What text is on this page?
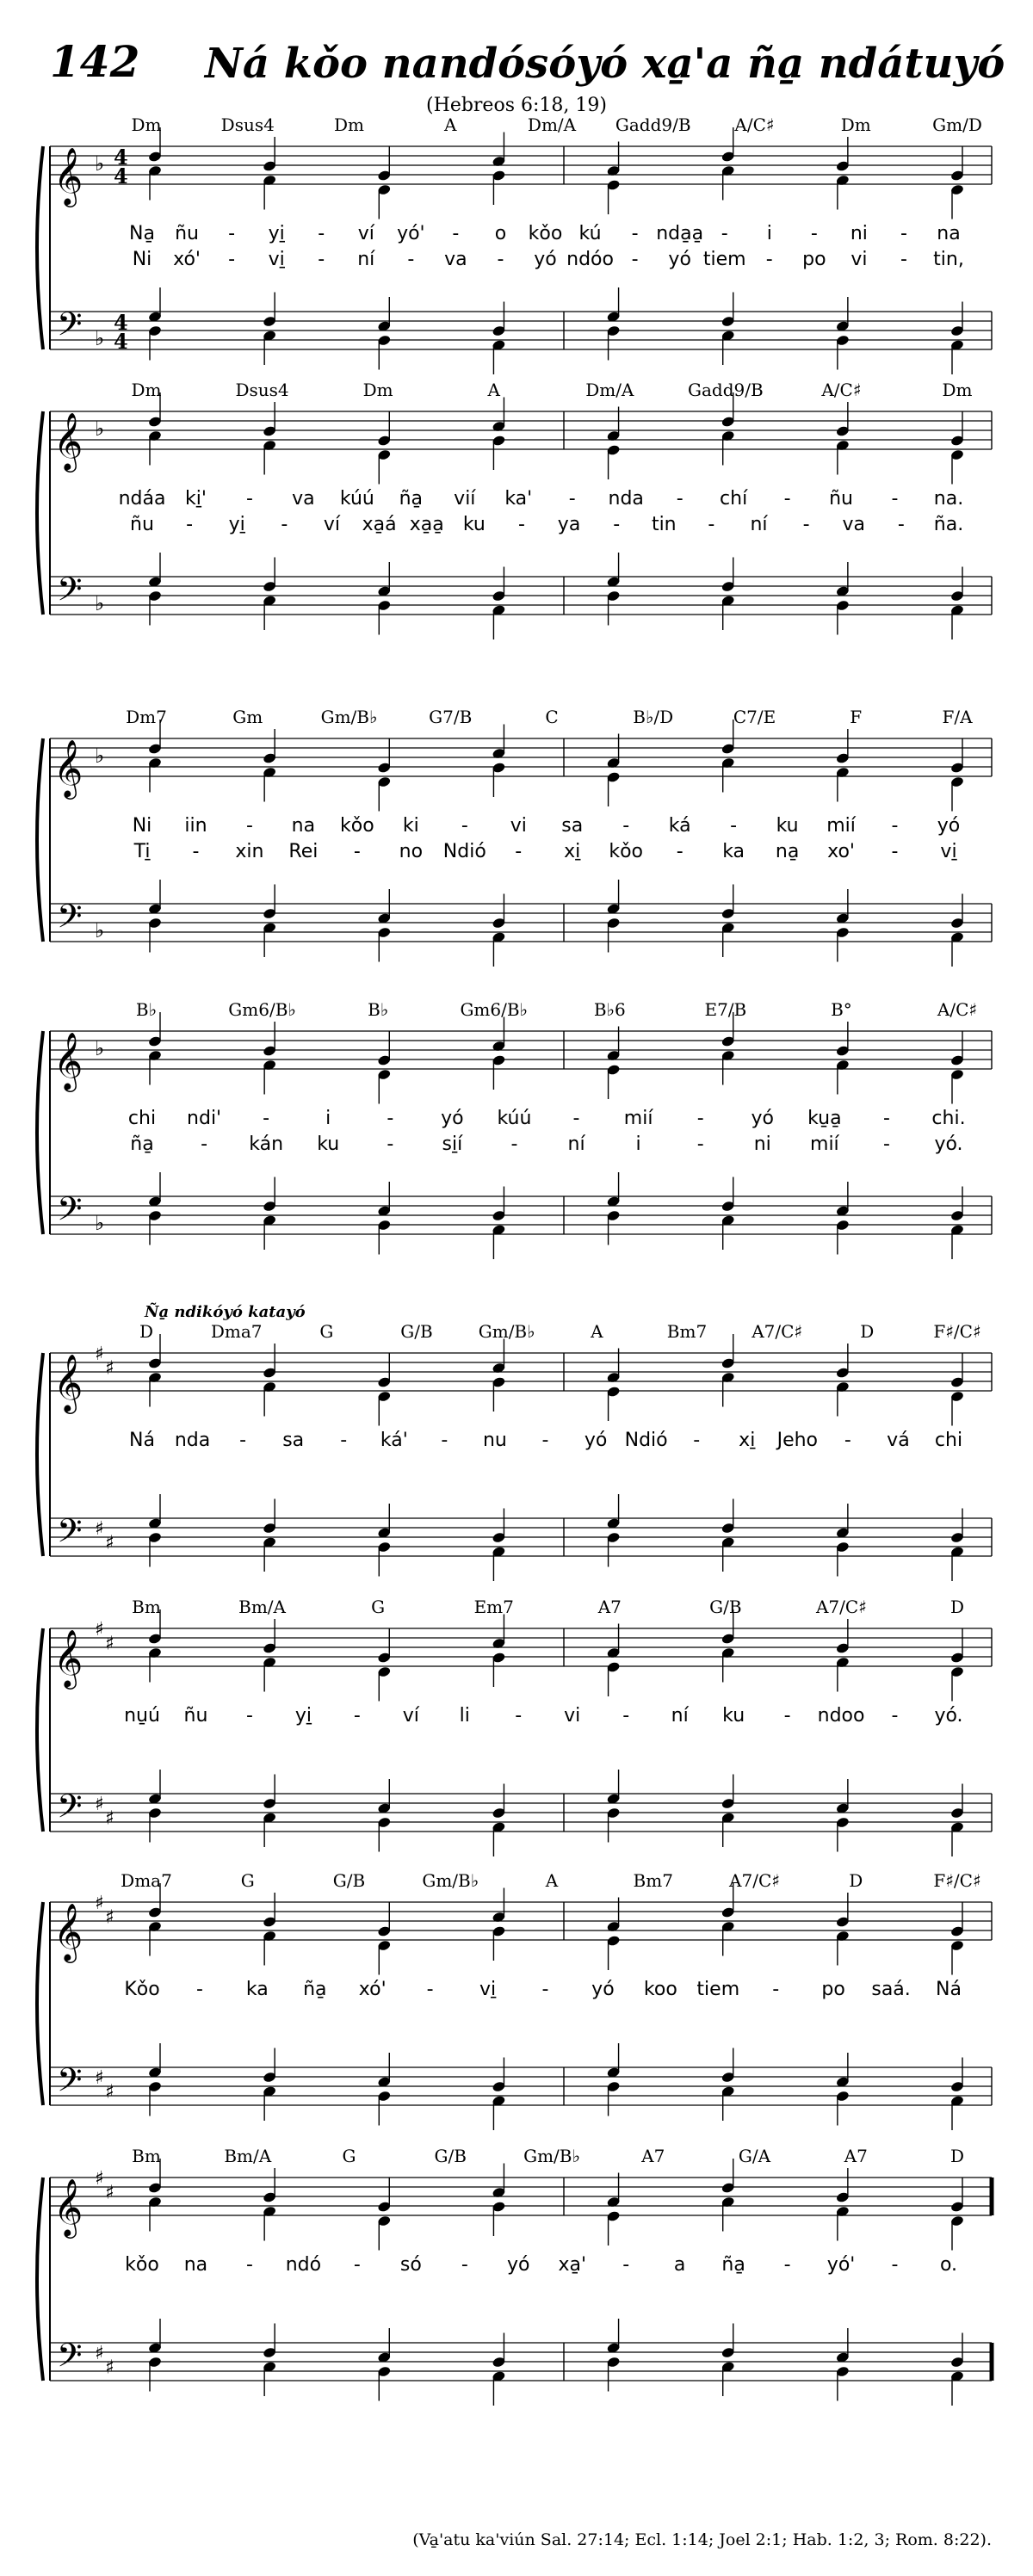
142 Ná kǒo nandósóyó xa̱'a ña̱ ndátuyó
(Hebreos 6:18, 19)
𝄞
𝄢
♭
♭
4
4
4
4
Dm	Dsus4	Dm	A	Dm/A Gadd9/B	A/C♯	Dm	Gm/D
Na̱ ñu - yi̱ - ví yó' - o kǒo kú - nda̱a̱ - i - ni - na
Ni xó' - vi̱ - ní - va - yó ndóo - yó tiem - po vi - tin,
𝄞
𝄢
♭
♭
Dm	Dsus4	Dm	A	Dm/A	Gadd9/B	A/C♯	Dm
ndáa ki̱' - va kúú ña̱ vií ka' - nda - chí - ñu - na.
ñu - yi̱ - ví xa̱á xa̱a̱ ku - ya - tin - ní - va - ña.
𝄞
𝄢
♭
♭
Dm7	Gm	Gm/B♭	G7/B	C	B♭/D	C7/E	F	F/A
Ni iin - na kǒo ki - vi sa - ká - ku mií - yó
Ti̱ - xin Rei - no Ndió - xi̱ kǒo - ka na̱ xo' - vi̱
𝄞
𝄢
♭
♭
B♭	Gm6/B♭	B♭	Gm6/B♭	B♭6	E7/B	B°	A/C♯
chi ndi' -	i	- yó kúú - mií - yó ku̱a̱ - chi.
ña̱ - kán ku	-	si̱í	-	ní	i	-	ni mií - yó.
𝄞
𝄢
♯
♯
♯
♯
D	Dma7	G	G/B	Gm/B♭	A	Bm7	A7/C♯	D	F♯/C♯
Ná nda - sa - ká' - nu - yó Ndió - xi̱ Jeho - vá chi
Ña̱ ndikóyó katayó
𝄞
𝄢
♯
♯
♯
♯
Bm	Bm/A	G	Em7	A7	G/B	A7/C♯	D
nu̱ú ñu - yi̱ - ví li - vi - ní ku - ndoo - yó.
𝄞
𝄢
♯
♯
♯
♯
Dma7	G	G/B	Gm/B♭	A	Bm7	A7/C♯	D	F♯/C♯
Kǒo - ka ña̱ xó' - vi̱ - yó koo tiem - po saá. Ná
𝄞
𝄢
♯
♯
♯
♯
Bm	Bm/A	G	G/B	Gm/B♭	A7	G/A	A7	D
kǒo na - ndó - só - yó xa̱' - a ña̱ - yó' - o.
(Va̱'atu ka'viún Sal. 27:14; Ecl. 1:14; Joel 2:1; Hab. 1:2, 3; Rom. 8:22).
